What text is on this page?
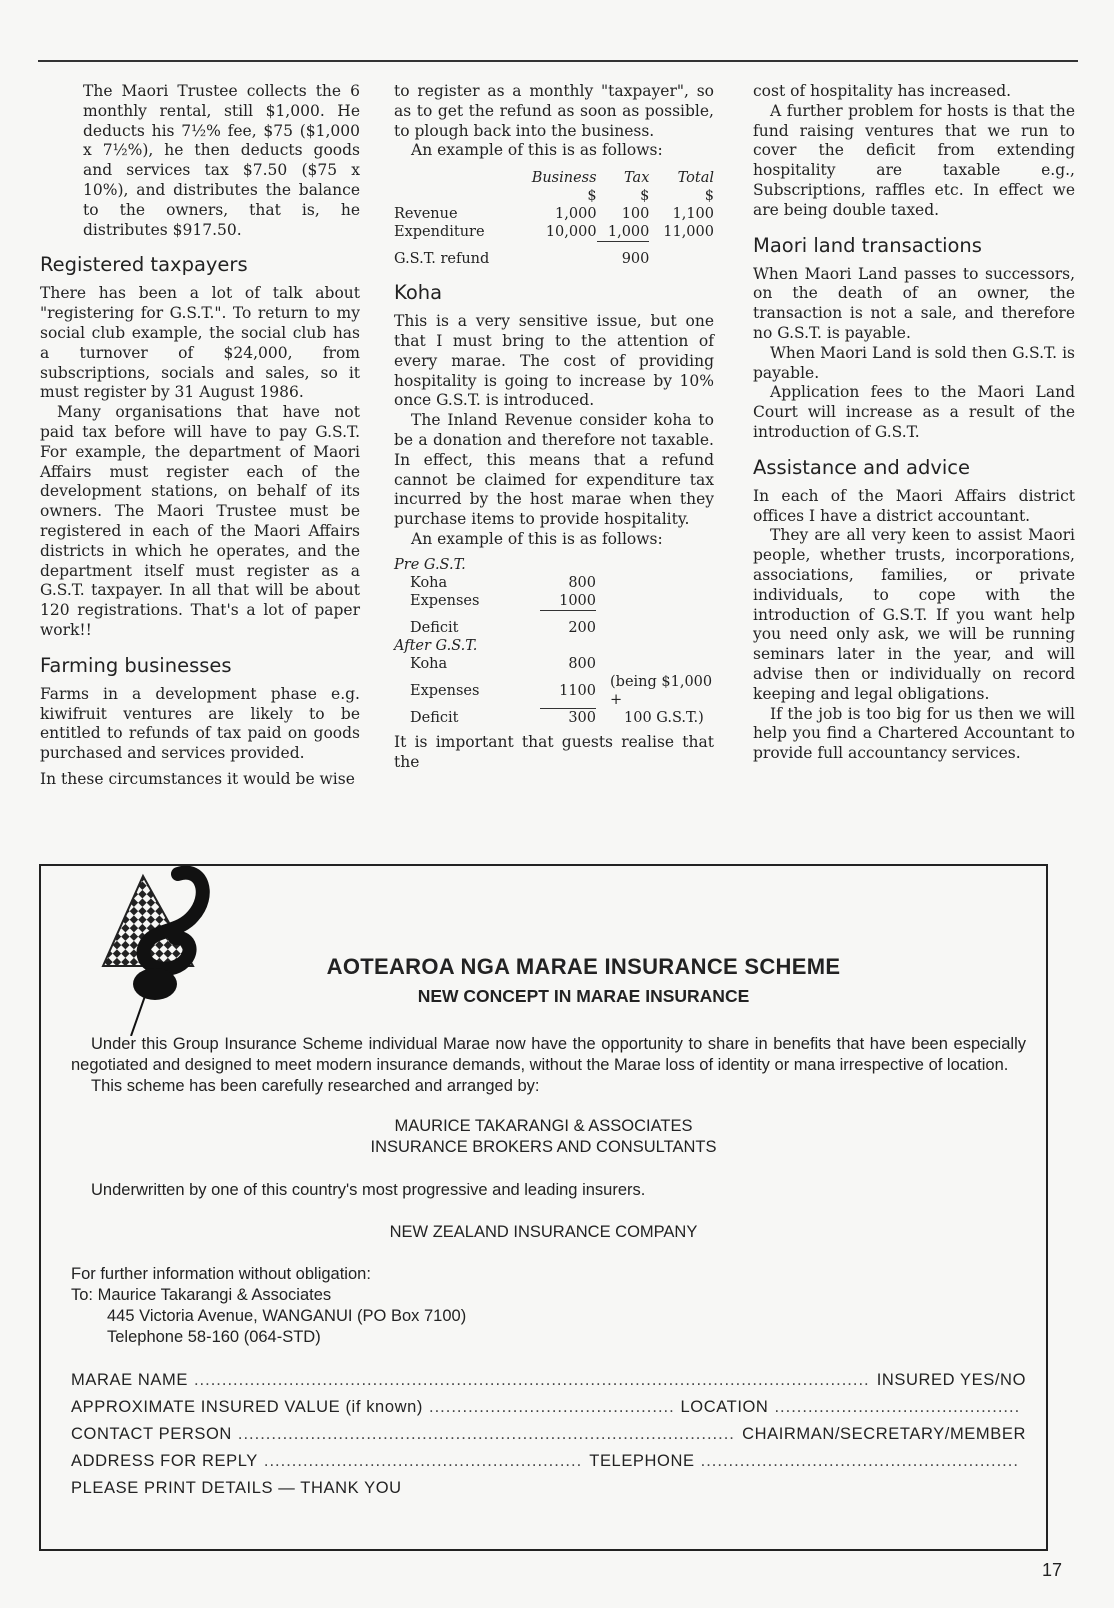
The Maori Trustee collects the 6 monthly rental, still $1,000. He deducts his 7½% fee, $75 ($1,000 x 7½%), he then deducts goods and services tax $7.50 ($75 x 10%), and distributes the balance to the owners, that is, he distributes $917.50.

Registered taxpayers

There has been a lot of talk about "registering for G.S.T.". To return to my social club example, the social club has a turnover of $24,000, from subscriptions, socials and sales, so it must register by 31 August 1986.

Many organisations that have not paid tax before will have to pay G.S.T. For example, the department of Maori Affairs must register each of the development stations, on behalf of its owners. The Maori Trustee must be registered in each of the Maori Affairs districts in which he operates, and the department itself must register as a G.S.T. taxpayer. In all that will be about 120 registrations. That's a lot of paper work!!

Farming businesses

Farms in a development phase e.g. kiwifruit ventures are likely to be entitled to refunds of tax paid on goods purchased and services provided.

In these circumstances it would be wise

to register as a monthly "taxpayer", so as to get the refund as soon as possible, to plough back into the business.

An example of this is as follows:

	Business	Tax	Total
	$	$	$
Revenue	1,000	100	1,100
Expenditure	10,000	1,000	11,000

G.S.T. refund		900	
Koha

This is a very sensitive issue, but one that I must bring to the attention of every marae. The cost of providing hospitality is going to increase by 10% once G.S.T. is introduced.

The Inland Revenue consider koha to be a donation and therefore not taxable. In effect, this means that a refund cannot be claimed for expenditure tax incurred by the host marae when they purchase items to provide hospitality.

An example of this is as follows:

Pre G.S.T.		
Koha	800	
Expenses	1000	

Deficit	200	
After G.S.T.		
Koha	800	
Expenses	1100	(being $1,000 +
Deficit	300	100 G.S.T.)

It is important that guests realise that the

cost of hospitality has increased.

A further problem for hosts is that the fund raising ventures that we run to cover the deficit from extending hospitality are taxable e.g., Subscriptions, raffles etc. In effect we are being double taxed.

Maori land transactions

When Maori Land passes to successors, on the death of an owner, the transaction is not a sale, and therefore no G.S.T. is payable.

When Maori Land is sold then G.S.T. is payable.

Application fees to the Maori Land Court will increase as a result of the introduction of G.S.T.

Assistance and advice

In each of the Maori Affairs district offices I have a district accountant.

They are all very keen to assist Maori people, whether trusts, incorporations, associations, families, or private individuals, to cope with the introduction of G.S.T. If you want help you need only ask, we will be running seminars later in the year, and will advise then or individually on record keeping and legal obligations.

If the job is too big for us then we will help you find a Chartered Accountant to provide full accountancy services.

AOTEAROA NGA MARAE INSURANCE SCHEME
NEW CONCEPT IN MARAE INSURANCE

Under this Group Insurance Scheme individual Marae now have the opportunity to share in benefits that have been especially negotiated and designed to meet modern insurance demands, without the Marae loss of identity or mana irrespective of location.

This scheme has been carefully researched and arranged by:

MAURICE TAKARANGI & ASSOCIATES
INSURANCE BROKERS AND CONSULTANTS
Underwritten by one of this country's most progressive and leading insurers.
NEW ZEALAND INSURANCE COMPANY
For further information without obligation:
To: Maurice Takarangi & Associates
445 Victoria Avenue, WANGANUI (PO Box 7100)
Telephone 58-160 (064-STD)
MARAE NAME .....	INSURED YES/NO
APPROXIMATE INSURED VALUE (if known) .....	LOCATION
.....
CONTACT PERSON .....	CHAIRMAN/SECRETARY/MEMBER
ADDRESS FOR REPLY .....	TELEPHONE
.....
PLEASE PRINT DETAILS — THANK YOU
17
